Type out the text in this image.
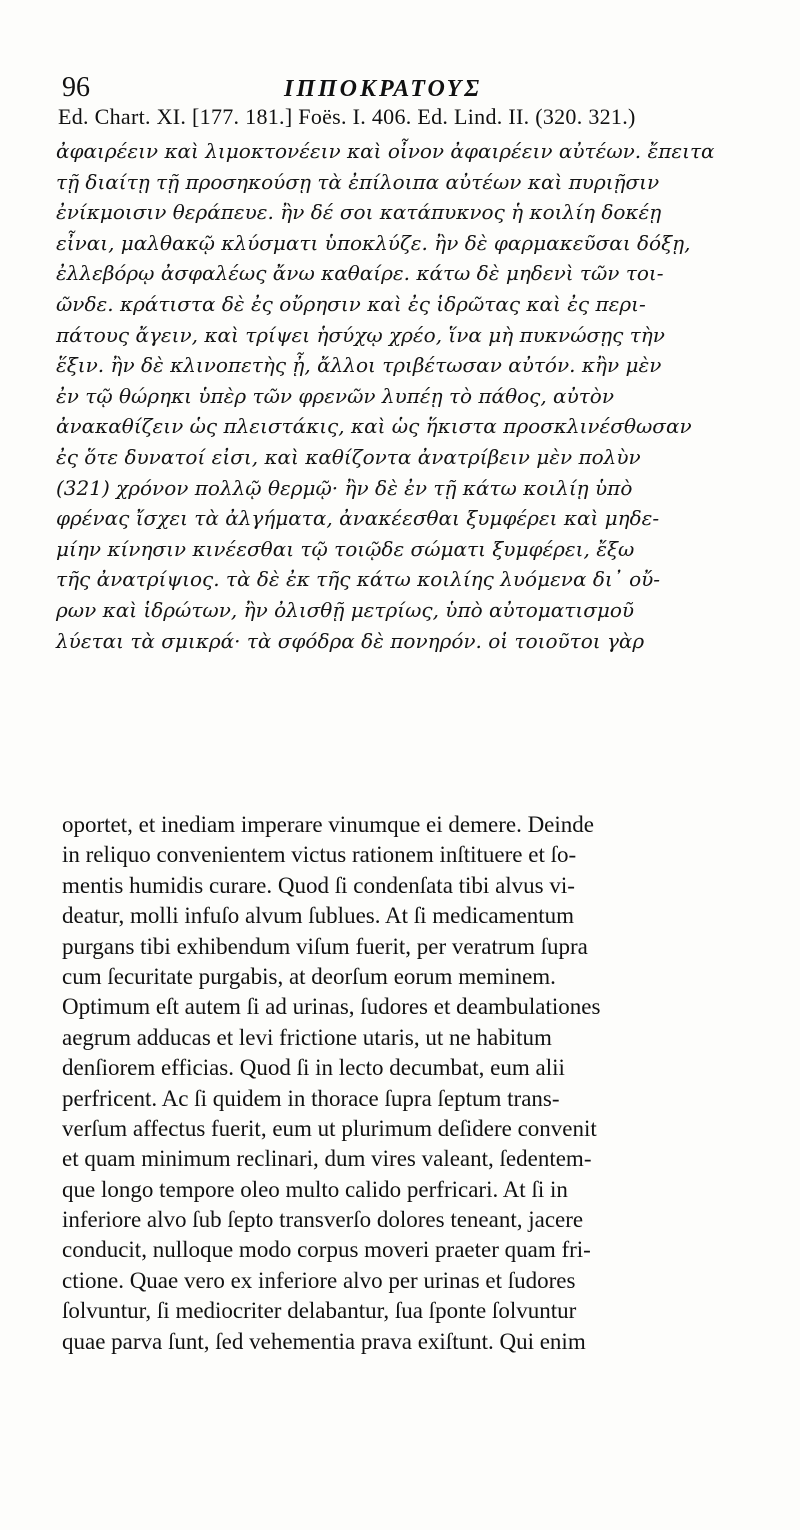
96	ΙΠΠΟΚΡΑΤΟΥΣ
Ed. Chart. XI. [177. 181.] Foës. I. 406. Ed. Lind. II. (320. 321.)
ἀφαιρέειν καὶ λιμοκτονέειν καὶ οἶνον ἀφαιρέειν αὐτέων. ἔπειτα
τῇ διαίτῃ τῇ προσηκούσῃ τὰ ἐπίλοιπα αὐτέων καὶ πυριῇσιν
ἐνίκμοισιν θεράπευε. ἢν δέ σοι κατάπυκνος ἡ κοιλίη δοκέῃ
εἶναι, μαλθακῷ κλύσματι ὑποκλύζε. ἢν δὲ φαρμακεῦσαι δόξῃ,
ἐλλεβόρῳ ἀσφαλέως ἄνω καθαίρε. κάτω δὲ μηδενὶ τῶν τοι-
ῶνδε. κράτιστα δὲ ἐς οὔρησιν καὶ ἐς ἱδρῶτας καὶ ἐς περι-
πάτους ἄγειν, καὶ τρίψει ἡσύχῳ χρέο, ἵνα μὴ πυκνώσῃς τὴν
ἕξιν. ἢν δὲ κλινοπετὴς ᾖ, ἄλλοι τριβέτωσαν αὐτόν. κἢν μὲν
ἐν τῷ θώρηκι ὑπὲρ τῶν φρενῶν λυπέῃ τὸ πάθος, αὐτὸν
ἀνακαθίζειν ὡς πλειστάκις, καὶ ὡς ἥκιστα προσκλινέσθωσαν
ἐς ὅτε δυνατοί εἰσι, καὶ καθίζοντα ἀνατρίβειν μὲν πολὺν
(321) χρόνον πολλῷ θερμῷ· ἢν δὲ ἐν τῇ κάτω κοιλίῃ ὑπὸ
φρένας ἴσχει τὰ ἀλγήματα, ἀνακέεσθαι ξυμφέρει καὶ μηδε-
μίην κίνησιν κινέεσθαι τῷ τοιῷδε σώματι ξυμφέρει, ἔξω
τῆς ἀνατρίψιος. τὰ δὲ ἐκ τῆς κάτω κοιλίης λυόμενα δι᾽ οὔ-
ρων καὶ ἱδρώτων, ἢν ὀλισθῇ μετρίως, ὑπὸ αὐτοματισμοῦ
λύεται τὰ σμικρά· τὰ σφόδρα δὲ πονηρόν. οἱ τοιοῦτοι γὰρ
oportet, et inediam imperare vinumque ei demere. Deinde
in reliquo convenientem victus rationem inſtituere et ſo-
mentis humidis curare. Quod ſi condenſata tibi alvus vi-
deatur, molli infuſo alvum ſublues. At ſi medicamentum
purgans tibi exhibendum viſum fuerit, per veratrum ſupra
cum ſecuritate purgabis, at deorſum eorum meminem.
Optimum eſt autem ſi ad urinas, ſudores et deambulationes
aegrum adducas et levi frictione utaris, ut ne habitum
denſiorem efficias. Quod ſi in lecto decumbat, eum alii
perfricent. Ac ſi quidem in thorace ſupra ſeptum trans-
verſum affectus fuerit, eum ut plurimum deſidere convenit
et quam minimum reclinari, dum vires valeant, ſedentem-
que longo tempore oleo multo calido perfricari. At ſi in
inferiore alvo ſub ſepto transverſo dolores teneant, jacere
conducit, nulloque modo corpus moveri praeter quam fri-
ctione. Quae vero ex inferiore alvo per urinas et ſudores
ſolvuntur, ſi mediocriter delabantur, ſua ſponte ſolvuntur
quae parva ſunt, ſed vehementia prava exiſtunt. Qui enim
